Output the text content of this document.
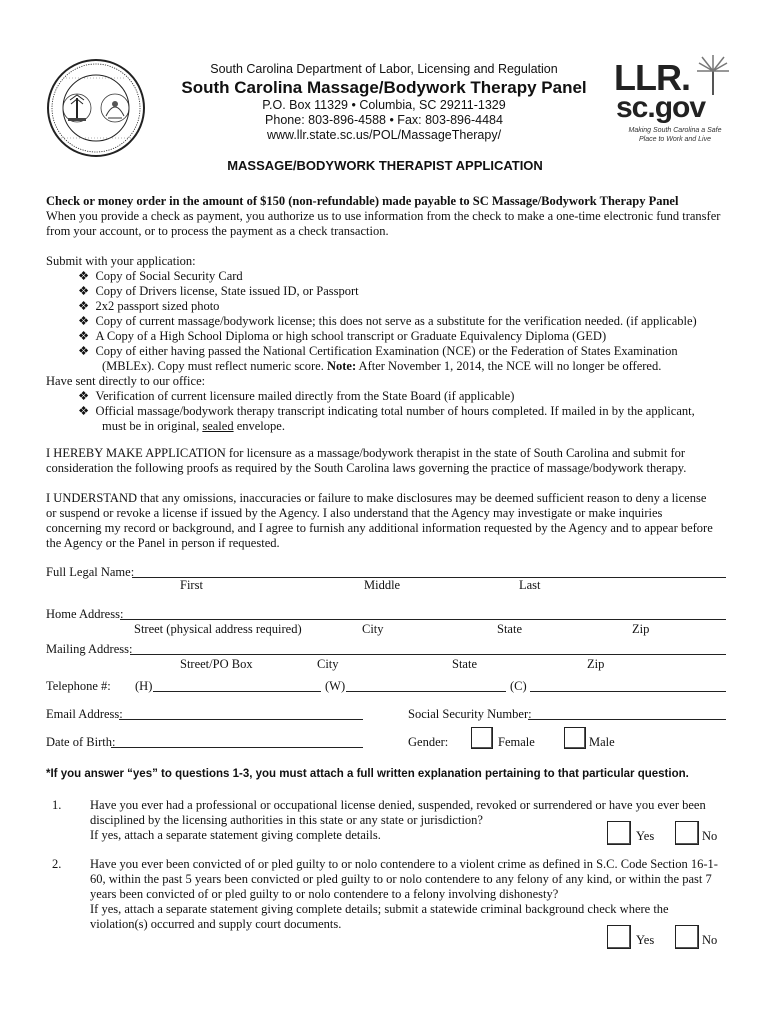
South Carolina Department of Labor, Licensing and Regulation
South Carolina Massage/Bodywork Therapy Panel
P.O. Box 11329 • Columbia, SC 29211-1329
Phone: 803-896-4588 • Fax: 803-896-4484
www.llr.state.sc.us/POL/MassageTherapy/
LLR.
sc.gov
Making South Carolina a Safe
Place to Work and Live
MASSAGE/BODYWORK THERAPIST APPLICATION
Check or money order in the amount of $150 (non-refundable) made payable to SC Massage/Bodywork Therapy Panel
When you provide a check as payment, you authorize us to use information from the check to make a one-time electronic fund transfer
from your account, or to process the payment as a check transaction.
Submit with your application:
❖ Copy of Social Security Card
❖ Copy of Drivers license, State issued ID, or Passport
❖ 2x2 passport sized photo
❖ Copy of current massage/bodywork license; this does not serve as a substitute for the verification needed. (if applicable)
❖ A Copy of a High School Diploma or high school transcript or Graduate Equivalency Diploma (GED)
❖ Copy of either having passed the National Certification Examination (NCE) or the Federation of States Examination
(MBLEx). Copy must reflect numeric score. Note: After November 1, 2014, the NCE will no longer be offered.
Have sent directly to our office:
❖ Verification of current licensure mailed directly from the State Board (if applicable)
❖ Official massage/bodywork therapy transcript indicating total number of hours completed. If mailed in by the applicant,
must be in original, sealed envelope.
I HEREBY MAKE APPLICATION for licensure as a massage/bodywork therapist in the state of South Carolina and submit for
consideration the following proofs as required by the South Carolina laws governing the practice of massage/bodywork therapy.
I UNDERSTAND that any omissions, inaccuracies or failure to make disclosures may be deemed sufficient reason to deny a license
or suspend or revoke a license if issued by the Agency. I also understand that the Agency may investigate or make inquiries
concerning my record or background, and I agree to furnish any additional information requested by the Agency and to appear before
the Agency or the Panel in person if requested.
Full Legal Name:
First	Middle	Last
Home Address:
Street (physical address required)	City	State	Zip
Mailing Address:
Street/PO Box	City	State	Zip
Telephone #: (H)	(W)	(C)
Email Address:	Social Security Number:
Date of Birth:	Gender:	Female	Male
*If you answer “yes” to questions 1-3, you must attach a full written explanation pertaining to that particular question.
1. Have you ever had a professional or occupational license denied, suspended, revoked or surrendered or have you ever been
disciplined by the licensing authorities in this state or any state or jurisdiction?
If yes, attach a separate statement giving complete details.	Yes	No
2. Have you ever been convicted of or pled guilty to or nolo contendere to a violent crime as defined in S.C. Code Section 16-1-
60, within the past 5 years been convicted or pled guilty to or nolo contendere to any felony of any kind, or within the past 7
years been convicted of or pled guilty to or nolo contendere to a felony involving dishonesty?
If yes, attach a separate statement giving complete details; submit a statewide criminal background check where the
violation(s) occurred and supply court documents.
Yes	No
